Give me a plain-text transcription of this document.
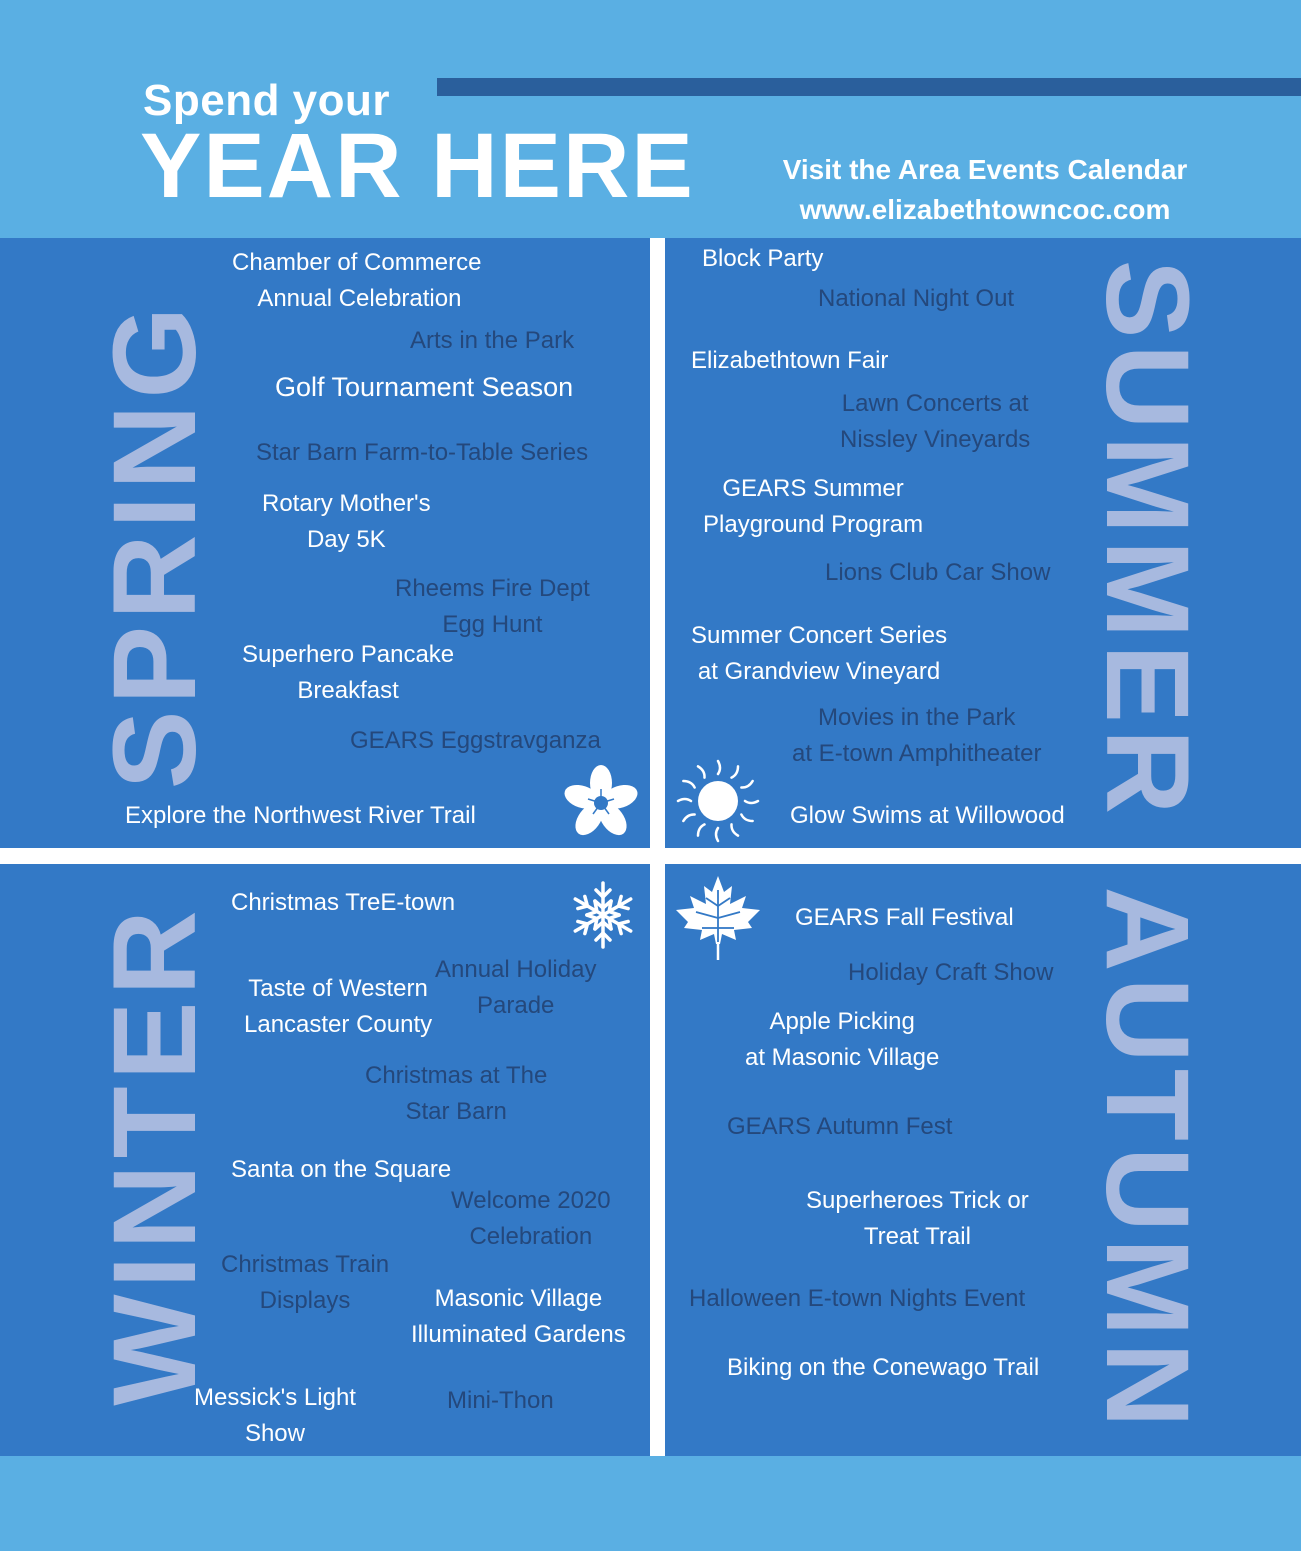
Spend your
YEAR HERE	Visit the Area Events Calendar
www.elizabethtowncoc.com
SPRING	SUMMER
WINTER	AUTUMN
Chamber of Commerce
Annual Celebration
Arts in the Park
Golf Tournament Season
Star Barn Farm-to-Table Series
Rotary Mother's
Day 5K
Rheems Fire Dept
Egg Hunt
Superhero Pancake
Breakfast
GEARS Eggstravganza
Explore the Northwest River Trail
Block Party
National Night Out
Elizabethtown Fair
Lawn Concerts at
Nissley Vineyards
GEARS Summer
Playground Program
Lions Club Car Show
Summer Concert Series
at Grandview Vineyard
Movies in the Park
at E-town Amphitheater
Glow Swims at Willowood
Christmas TreE-town
Annual Holiday
Parade
Taste of Western
Lancaster County
Christmas at The
Star Barn
Santa on the Square
Welcome 2020
Celebration
Christmas Train
Displays	Masonic Village
Illuminated Gardens
Messick's Light
Show
Mini-Thon
GEARS Fall Festival
Holiday Craft Show
Apple Picking
at Masonic Village
GEARS Autumn Fest
Superheroes Trick or
Treat Trail
Halloween E-town Nights Event
Biking on the Conewago Trail
